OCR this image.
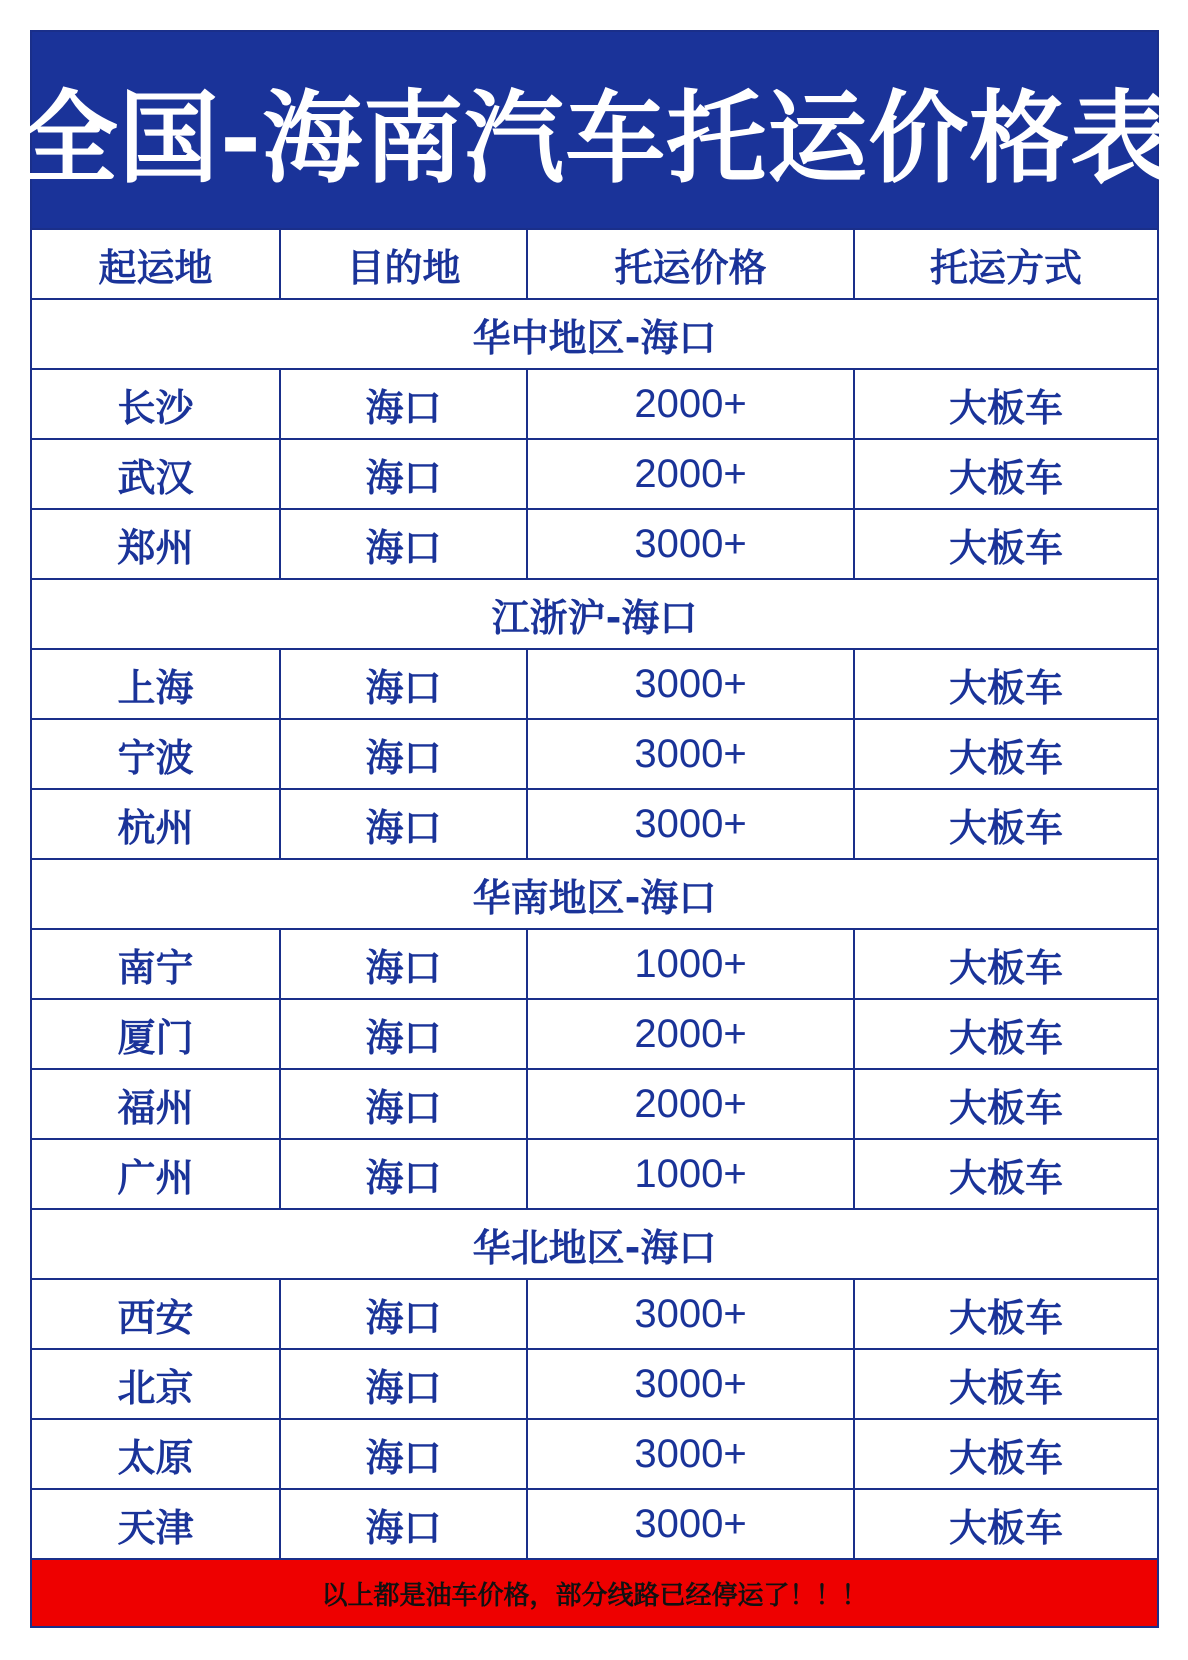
全国-海南汽车托运价格表
起运地	目的地	托运价格	托运方式
华中地区-海口
长沙	海口	2000+	大板车
武汉	海口	2000+	大板车
郑州	海口	3000+	大板车
江浙沪-海口
上海	海口	3000+	大板车
宁波	海口	3000+	大板车
杭州	海口	3000+	大板车
华南地区-海口
南宁	海口	1000+	大板车
厦门	海口	2000+	大板车
福州	海口	2000+	大板车
广州	海口	1000+	大板车
华北地区-海口
西安	海口	3000+	大板车
北京	海口	3000+	大板车
太原	海口	3000+	大板车
天津	海口	3000+	大板车
以上都是油车价格，部分线路已经停运了！！！
